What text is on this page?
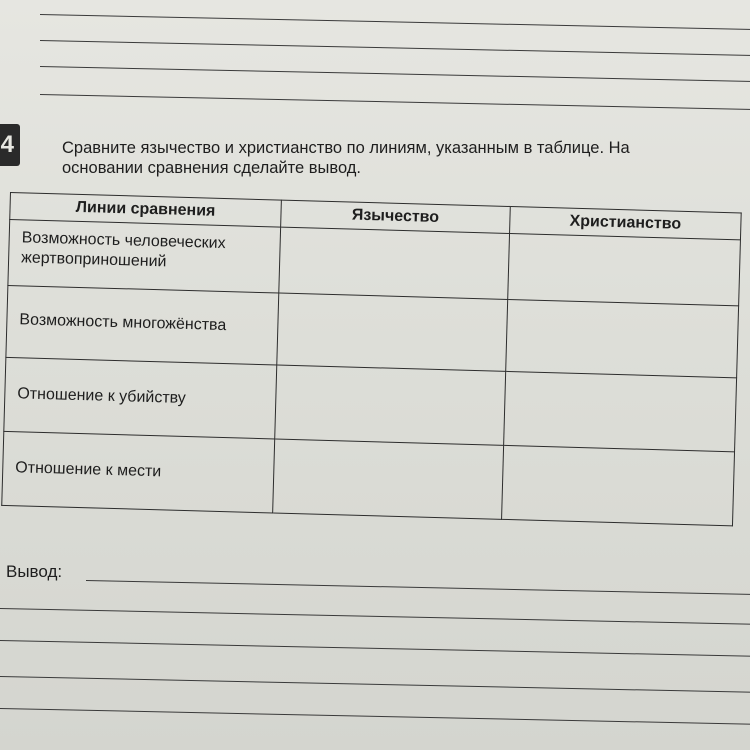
4	Сравните язычество и христианство по линиям, указанным в таблице. На
основании сравнения сделайте вывод.
Линии сравнения	Язычество	Христианство
Возможность человеческих жертвоприношений		
Возможность многожёнства		
Отношение к убийству		
Отношение к мести		
Вывод:
